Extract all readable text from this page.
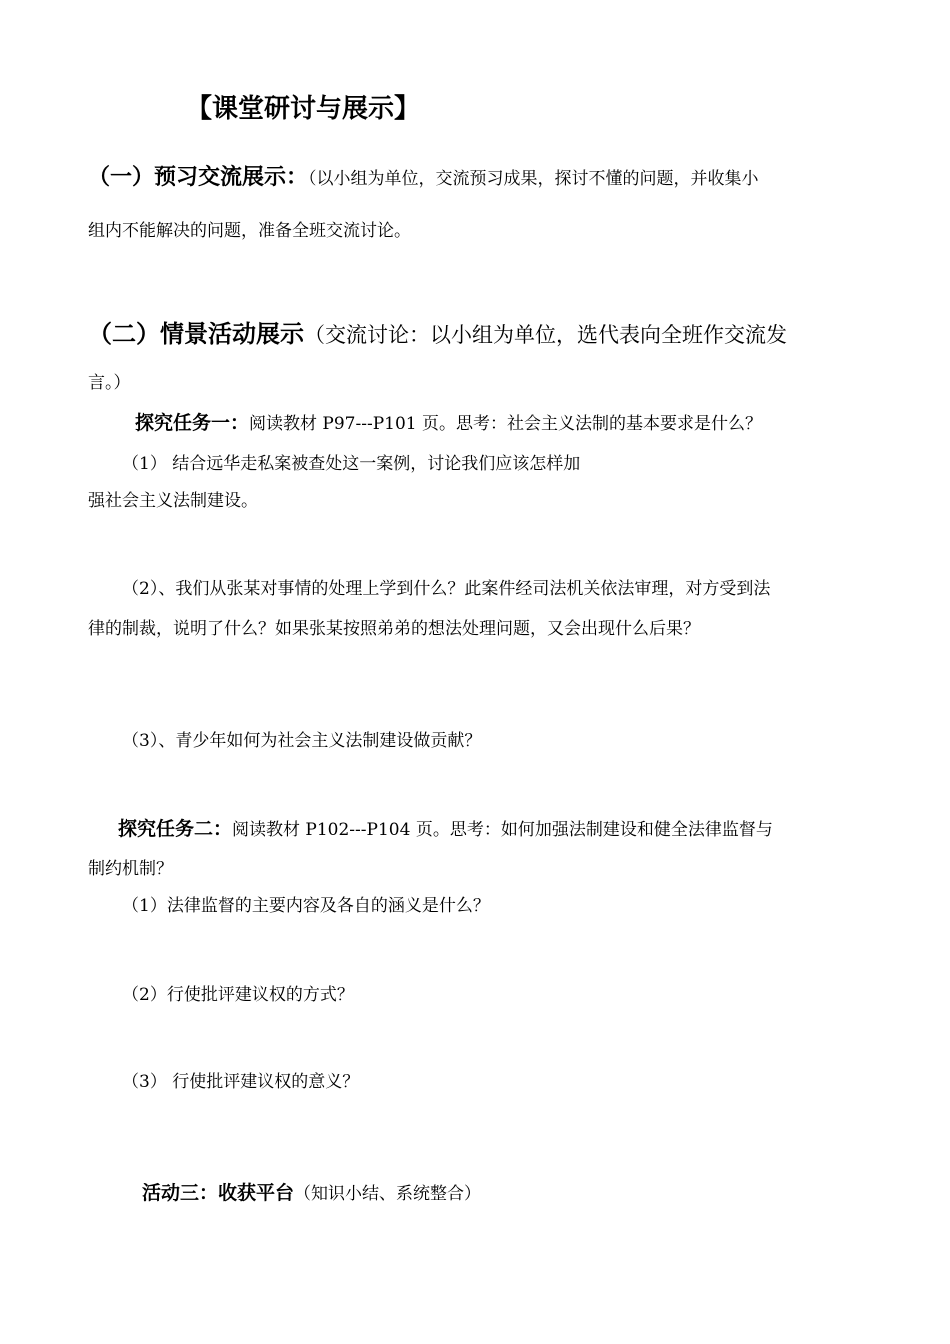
【课堂研讨与展示】
（一）预习交流展示：（以小组为单位，交流预习成果，探讨不懂的问题，并收集小
组内不能解决的问题，准备全班交流讨论。
（二）情景活动展示（交流讨论：以小组为单位，选代表向全班作交流发
言。）
探究任务一：阅读教材 P97---P101 页。思考：社会主义法制的基本要求是什么？
（1） 结合远华走私案被查处这一案例，讨论我们应该怎样加
强社会主义法制建设。
（2）、我们从张某对事情的处理上学到什么？此案件经司法机关依法审理，对方受到法
律的制裁，说明了什么？如果张某按照弟弟的想法处理问题，又会出现什么后果？
（3）、青少年如何为社会主义法制建设做贡献？
探究任务二：阅读教材 P102---P104 页。思考：如何加强法制建设和健全法律监督与
制约机制？
（1）法律监督的主要内容及各自的涵义是什么？
（2）行使批评建议权的方式？
（3） 行使批评建议权的意义？
活动三：收获平台（知识小结、系统整合）
